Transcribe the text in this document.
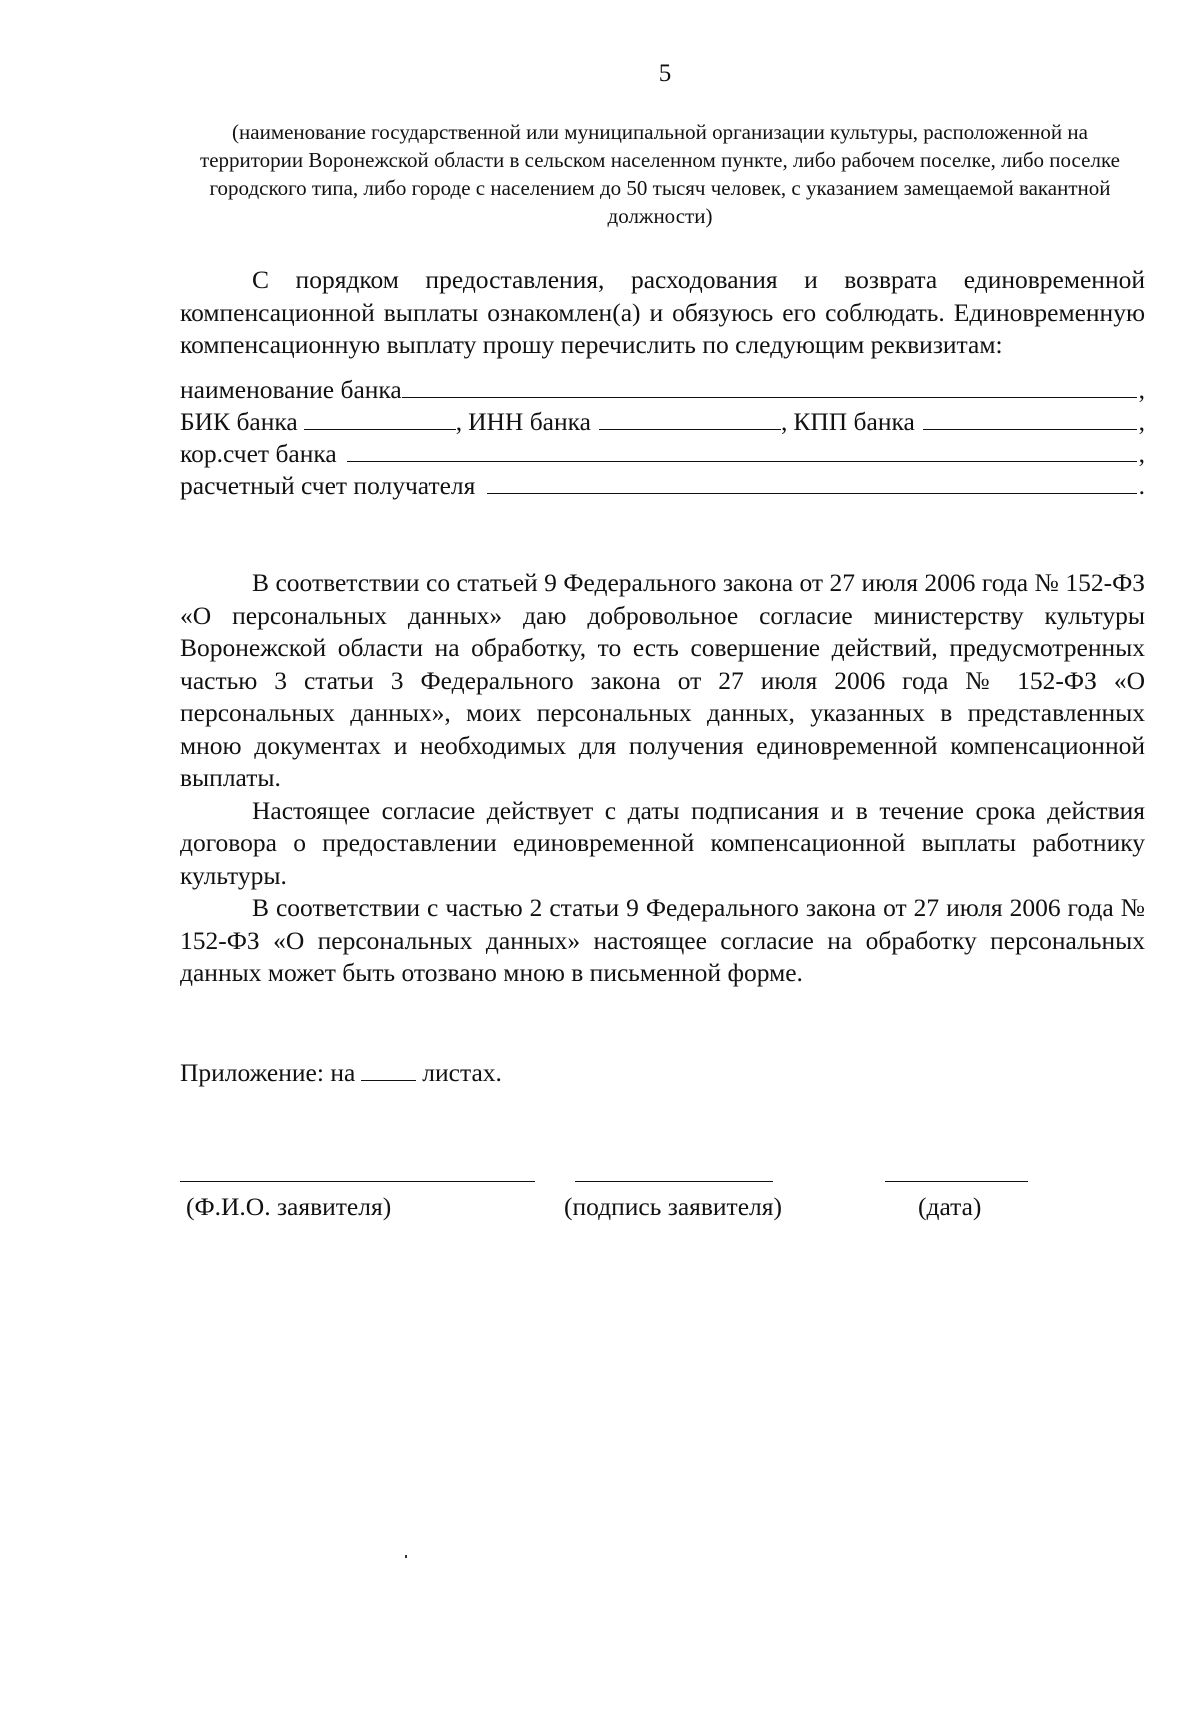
5
(наименование государственной или муниципальной организации культуры, расположенной на территории Воронежской области в сельском населенном пункте, либо рабочем поселке, либо поселке городского типа, либо городе с населением до 50 тысяч человек, с указанием замещаемой вакантной должности)

С порядком предоставления, расходования и возврата единовременной компенсационной выплаты ознакомлен(а) и обязуюсь его соблюдать. Единовременную компенсационную выплату прошу перечислить по следующим реквизитам:

наименование банка	,
БИК банка	, ИНН банка	, КПП банка	,
кор.счет банка	,
расчетный счет получателя	.

В соответствии со статьей 9 Федерального закона от 27 июля 2006 года № 152-ФЗ «О персональных данных» даю добровольное согласие министерству культуры Воронежской области на обработку, то есть совершение действий, предусмотренных частью 3 статьи 3 Федерального закона от 27 июля 2006 года № 152-ФЗ «О персональных данных», моих персональных данных, указанных в представленных мною документах и необходимых для получения единовременной компенсационной выплаты.

Настоящее согласие действует с даты подписания и в течение срока действия договора о предоставлении единовременной компенсационной выплаты работнику культуры.

В соответствии с частью 2 статьи 9 Федерального закона от 27 июля 2006 года № 152-ФЗ «О персональных данных» настоящее согласие на обработку персональных данных может быть отозвано мною в письменной форме.

Приложение: на	листах.
(Ф.И.О. заявителя)	(подпись заявителя)	(дата)
